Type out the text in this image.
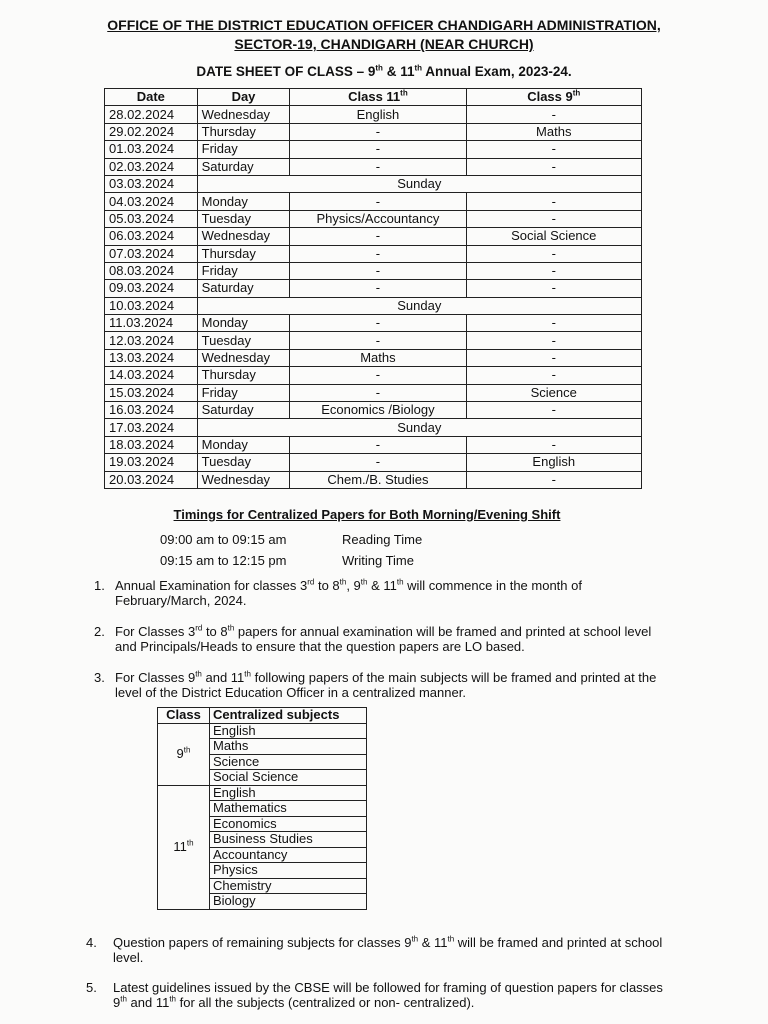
OFFICE OF THE DISTRICT EDUCATION OFFICER CHANDIGARH ADMINISTRATION,
SECTOR-19, CHANDIGARH (NEAR CHURCH)
DATE SHEET OF CLASS – 9th & 11th Annual Exam, 2023-24.
Date	Day	Class 11th	Class 9th
28.02.2024	Wednesday	English	-
29.02.2024	Thursday	-	Maths
01.03.2024	Friday	-	-
02.03.2024	Saturday	-	-
03.03.2024	Sunday		
04.03.2024	Monday	-	-
05.03.2024	Tuesday	Physics/Accountancy	-
06.03.2024	Wednesday	-	Social Science
07.03.2024	Thursday	-	-
08.03.2024	Friday	-	-
09.03.2024	Saturday	-	-
10.03.2024	Sunday		
11.03.2024	Monday	-	-
12.03.2024	Tuesday	-	-
13.03.2024	Wednesday	Maths	-
14.03.2024	Thursday	-	-
15.03.2024	Friday	-	Science
16.03.2024	Saturday	Economics /Biology	-
17.03.2024	Sunday		
18.03.2024	Monday	-	-
19.03.2024	Tuesday	-	English
20.03.2024	Wednesday	Chem./B. Studies	-
Timings for Centralized Papers for Both Morning/Evening Shift
09:00 am to 09:15 am	Reading Time
09:15 am to 12:15 pm	Writing Time
1. Annual Examination for classes 3rd to 8th, 9th & 11th will commence in the month of February/March, 2024.
2. For Classes 3rd to 8th papers for annual examination will be framed and printed at school level and Principals/Heads to ensure that the question papers are LO based.
3. For Classes 9th and 11th following papers of the main subjects will be framed and printed at the level of the District Education Officer in a centralized manner.
Class	Centralized subjects
9th	English
	Maths
	Science
	Social Science
11th	English
	Mathematics
	Economics
	Business Studies
	Accountancy
	Physics
	Chemistry
	Biology
4.	Question papers of remaining subjects for classes 9th & 11th will be framed and printed at school level.
5.	Latest guidelines issued by the CBSE will be followed for framing of question papers for classes 9th and 11th for all the subjects (centralized or non- centralized).
